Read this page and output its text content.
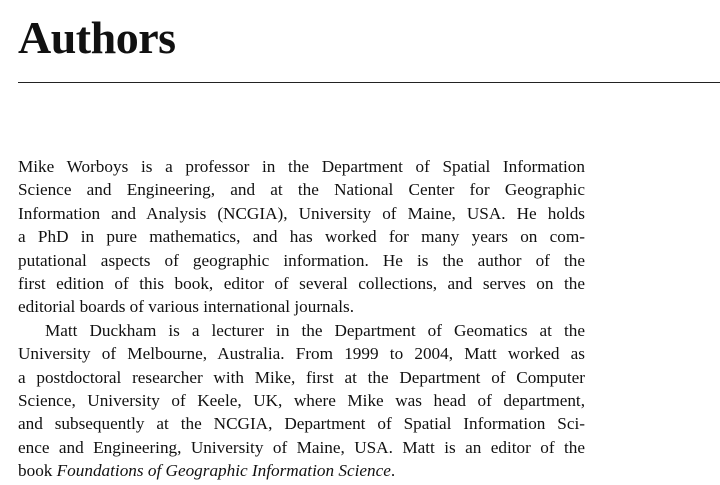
Authors
Mike Worboys is a professor in the Department of Spatial Information
Science and Engineering, and at the National Center for Geographic
Information and Analysis (NCGIA), University of Maine, USA. He holds
a PhD in pure mathematics, and has worked for many years on com-
putational aspects of geographic information. He is the author of the
first edition of this book, editor of several collections, and serves on the
editorial boards of various international journals.
Matt Duckham is a lecturer in the Department of Geomatics at the
University of Melbourne, Australia. From 1999 to 2004, Matt worked as
a postdoctoral researcher with Mike, first at the Department of Computer
Science, University of Keele, UK, where Mike was head of department,
and subsequently at the NCGIA, Department of Spatial Information Sci-
ence and Engineering, University of Maine, USA. Matt is an editor of the
book Foundations of Geographic Information Science.
